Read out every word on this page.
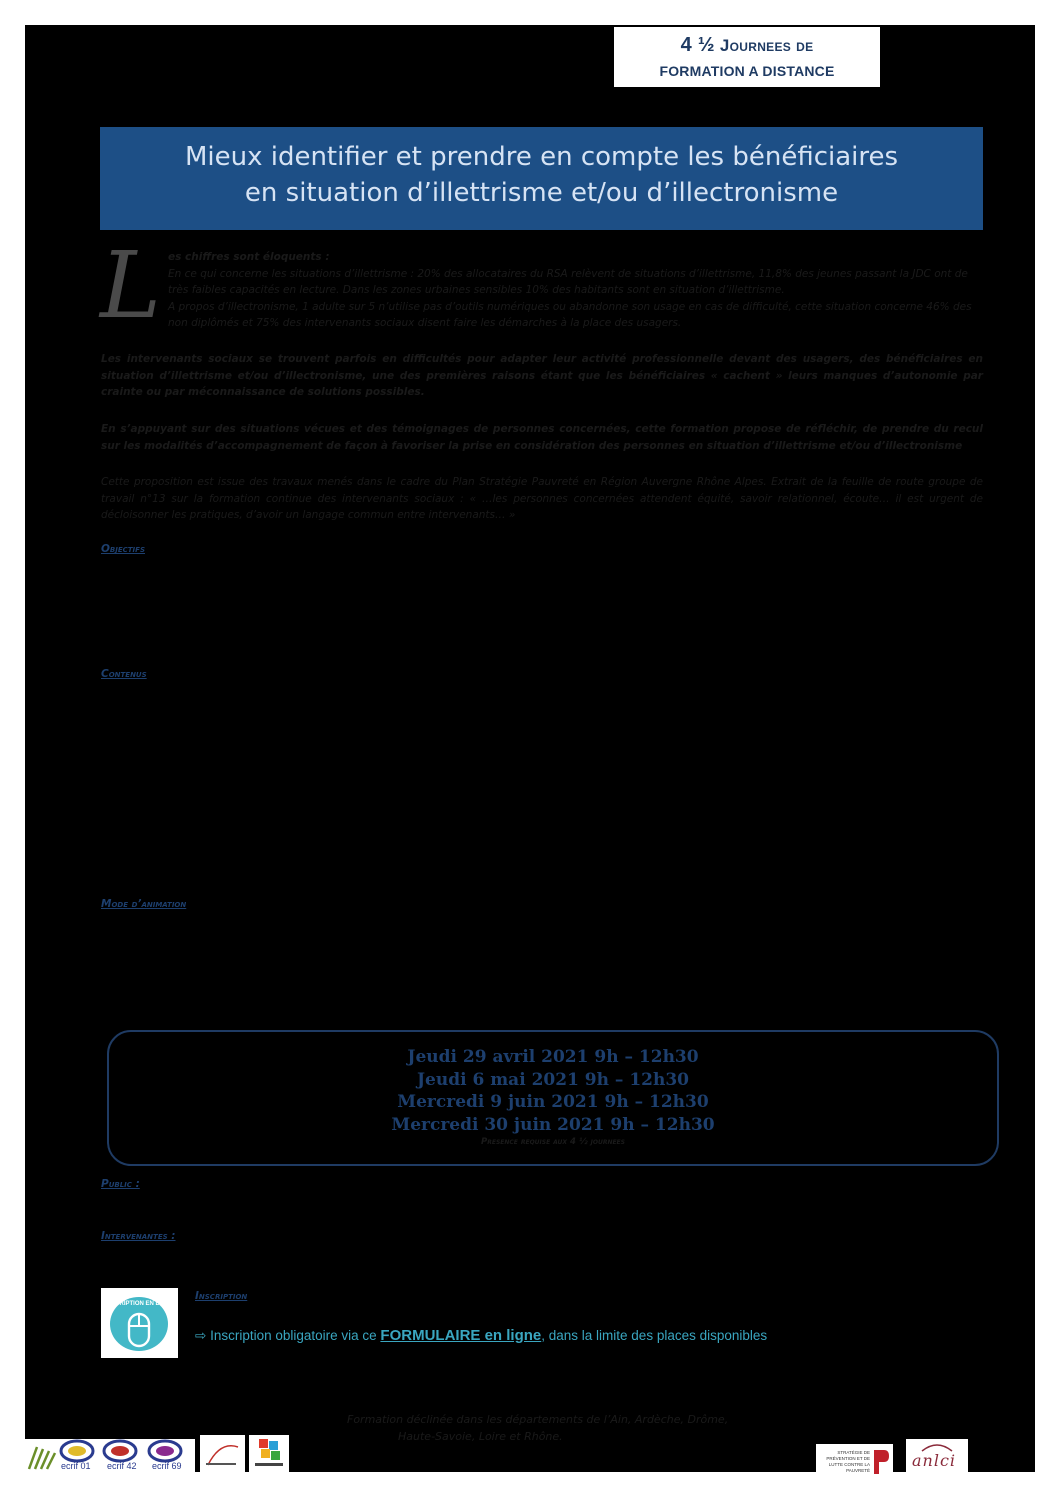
4 ½ Journees de
FORMATION A DISTANCE
Mieux identifier et prendre en compte les bénéficiaires
en situation d’illettrisme et/ou d’illectronisme
L es chiffres sont éloquents :
En ce qui concerne les situations d’illettrisme : 20% des allocataires du RSA relèvent de situations d’illettrisme, 11,8% des jeunes passant la JDC ont de très faibles capacités en lecture. Dans les zones urbaines sensibles 10% des habitants sont en situation d’illettrisme.
A propos d’illectronisme, 1 adulte sur 5 n’utilise pas d’outils numériques ou abandonne son usage en cas de difficulté, cette situation concerne 46% des non diplômés et 75% des intervenants sociaux disent faire les démarches à la place des usagers.
Les intervenants sociaux se trouvent parfois en difficultés pour adapter leur activité professionnelle devant des usagers, des bénéficiaires en situation d’illettrisme et/ou d’illectronisme, une des premières raisons étant que les bénéficiaires « cachent » leurs manques d’autonomie par crainte ou par méconnaissance de solutions possibles.
En s’appuyant sur des situations vécues et des témoignages de personnes concernées, cette formation propose de réfléchir, de prendre du recul sur les modalités d’accompagnement de façon à favoriser la prise en considération des personnes en situation d’illettrisme et/ou d’illectronisme
Cette proposition est issue des travaux menés dans le cadre du Plan Stratégie Pauvreté en Région Auvergne Rhône Alpes. Extrait de la feuille de route groupe de travail n°13 sur la formation continue des intervenants sociaux : « …les personnes concernées attendent équité, savoir relationnel, écoute… il est urgent de décloisonner les pratiques, d’avoir un langage commun entre intervenants… »
Objectifs
Contenus
Mode d’animation
Jeudi 29 avril 2021 9h – 12h30
Jeudi 6 mai 2021 9h – 12h30
Mercredi 9 juin 2021 9h – 12h30
Mercredi 30 juin 2021 9h – 12h30
Presence requise aux 4 ½ journees
Public :
Intervenantes :
INSCRIPTION EN LIGNE
Inscription
⇨ Inscription obligatoire via ce FORMULAIRE en ligne, dans la limite des places disponibles
Formation déclinée dans les départements de l’Ain, Ardèche, Drôme,
Haute-Savoie, Loire et Rhône.
ecrif 01 ecrif 42 ecrif 69
STRATÉGIE DE PRÉVENTION ET DE LUTTE CONTRE LA PAUVRETÉ
anlci
